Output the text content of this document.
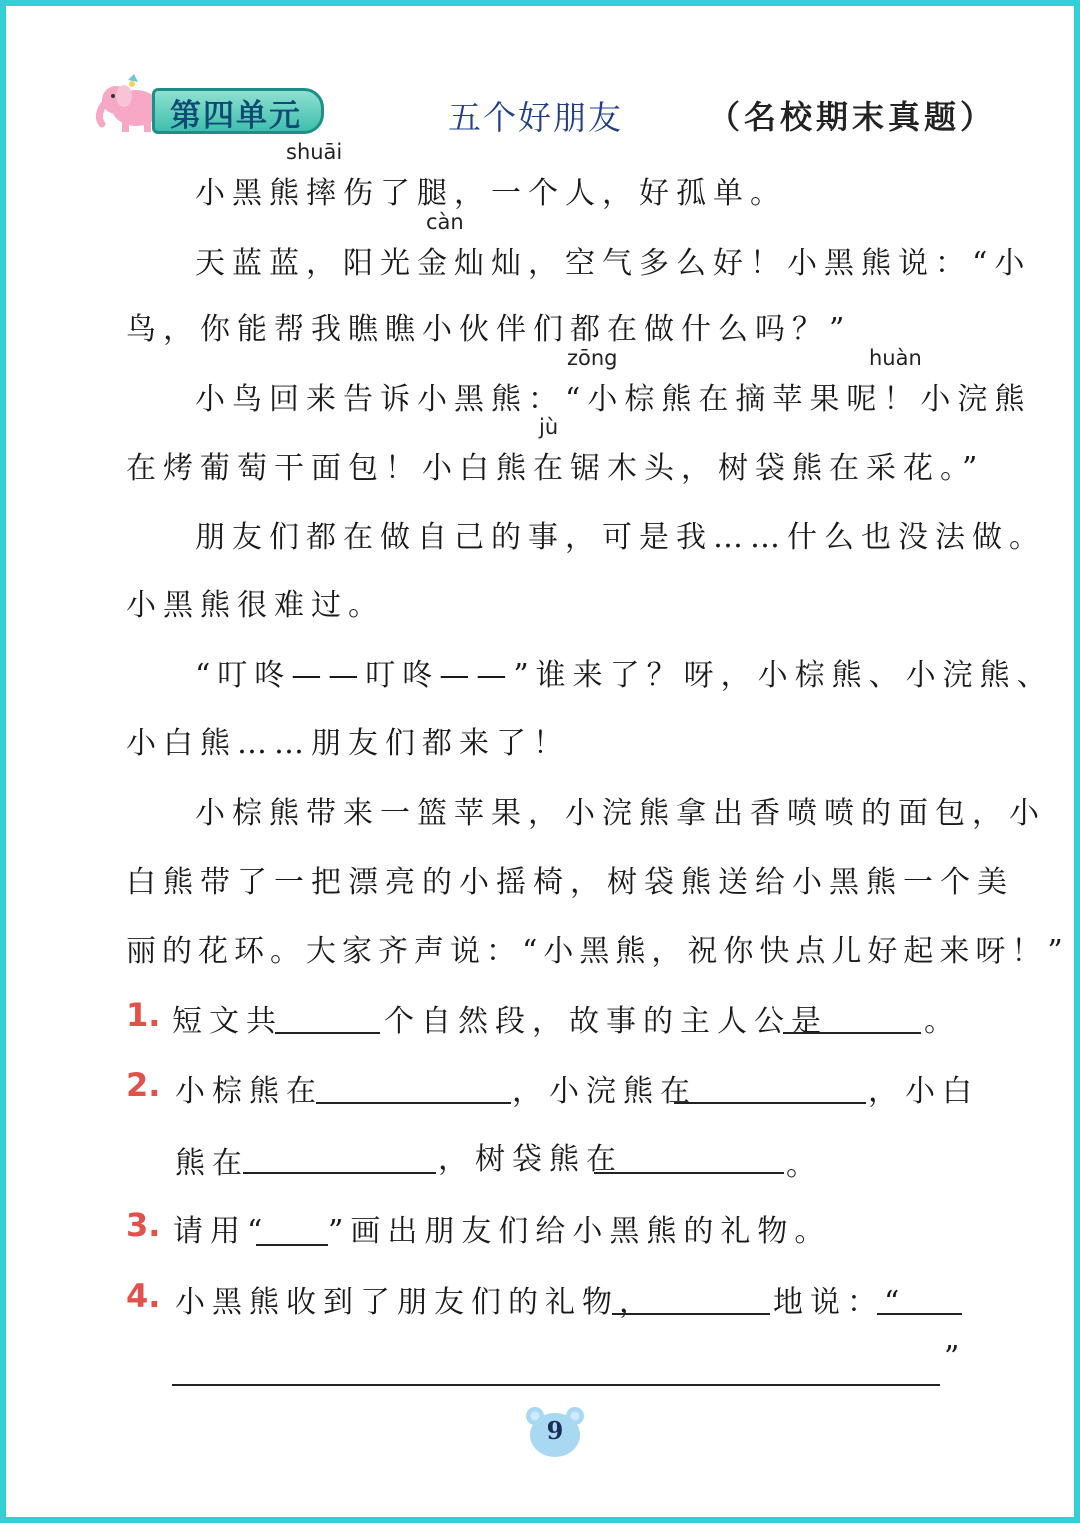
第四单元	五个好朋友	（名校期末真题）
shuāi
càn
zōng	huàn
jù
小黑熊摔伤了腿，一个人，好孤单。
天蓝蓝，阳光金灿灿，空气多么好！小黑熊说：“小
鸟，你能帮我瞧瞧小伙伴们都在做什么吗？”
小鸟回来告诉小黑熊：“小棕熊在摘苹果呢！小浣熊
在烤葡萄干面包！小白熊在锯木头，树袋熊在采花。”
朋友们都在做自己的事，可是我……什么也没法做。
小黑熊很难过。
“叮咚——叮咚——”谁来了？呀，小棕熊、小浣熊、
小白熊……朋友们都来了！
小棕熊带来一篮苹果，小浣熊拿出香喷喷的面包，小
白熊带了一把漂亮的小摇椅，树袋熊送给小黑熊一个美
丽的花环。大家齐声说：“小黑熊，祝你快点儿好起来呀！”
1. 短文共	个自然段，故事的主人公是	。
2. 小棕熊在	，小浣熊在	，小白
熊在	，树袋熊在	。
3. 请用“ ”画出朋友们给小黑熊的礼物。
4. 小黑熊收到了朋友们的礼物，	地说：“
”
9
